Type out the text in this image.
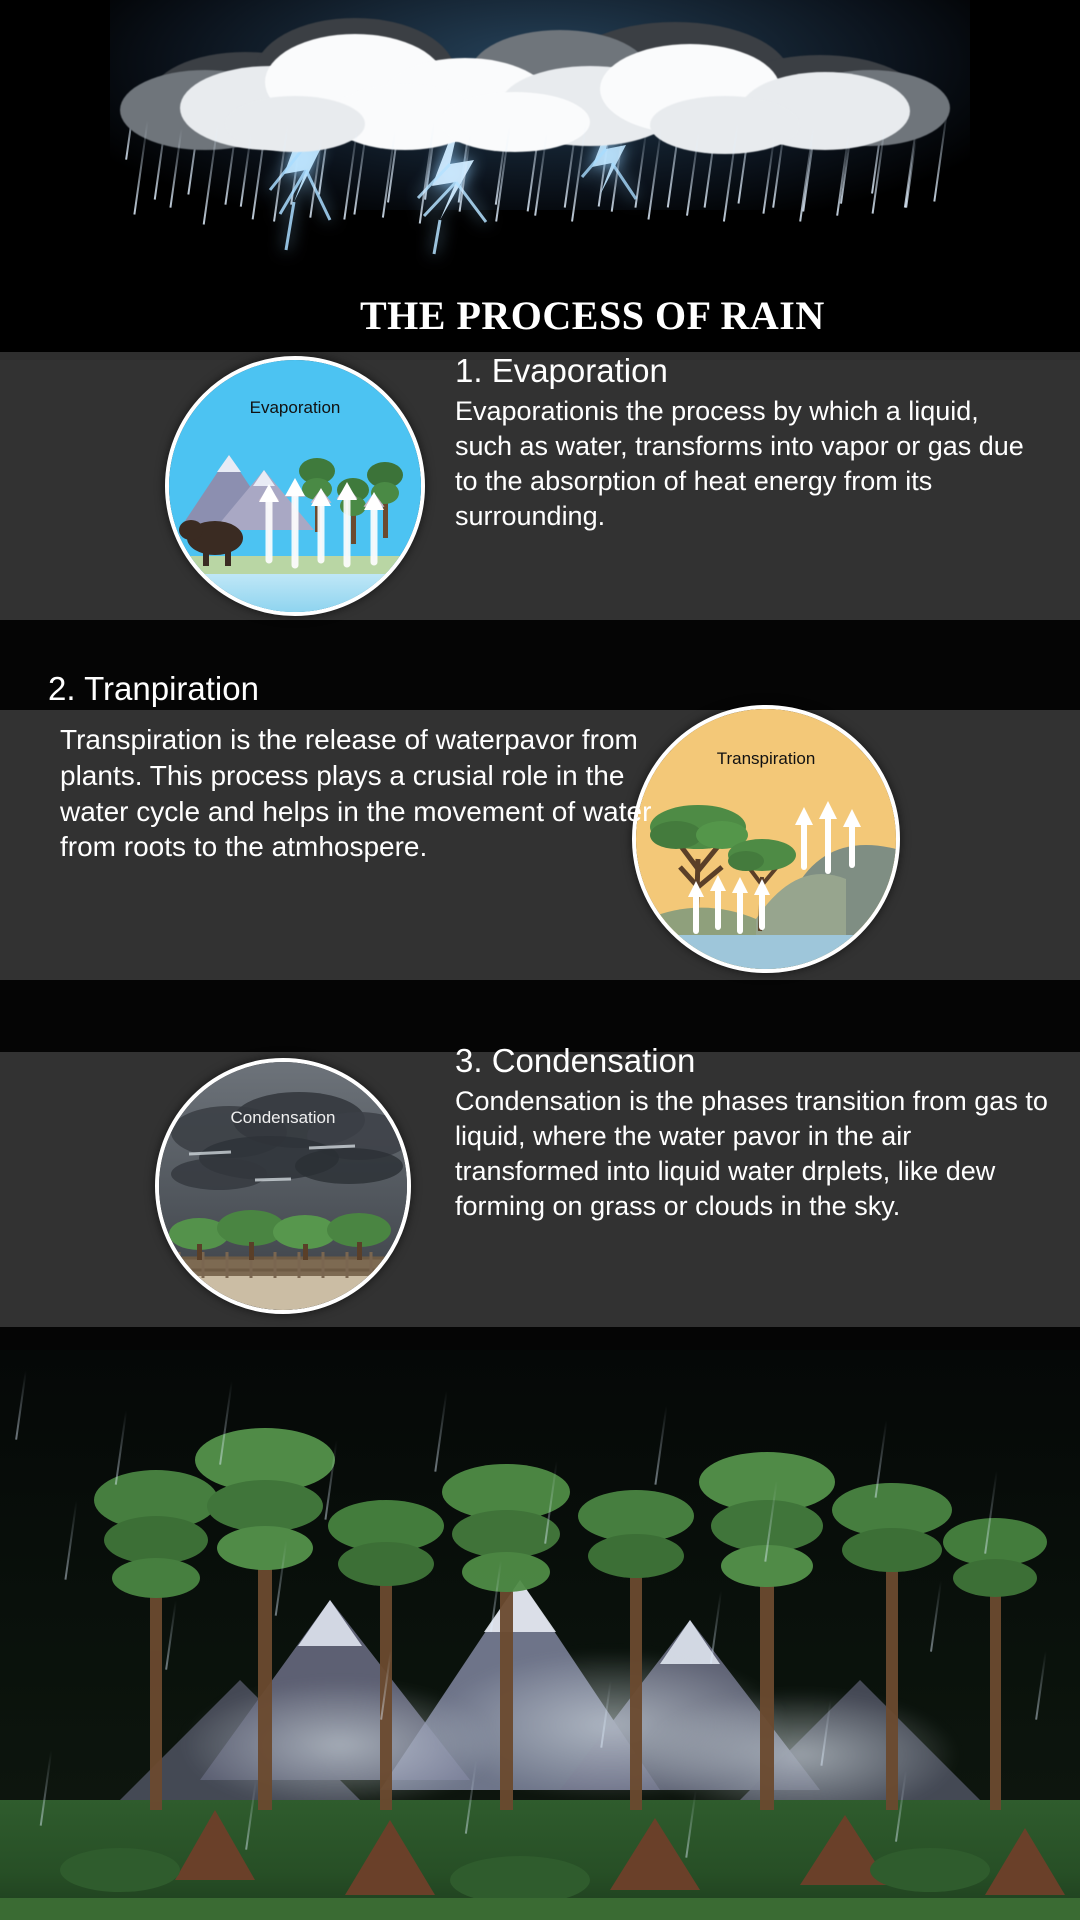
THE PROCESS OF RAIN
Evaporation
1. Evaporation

Evaporationis the process by which a liquid, such as water, transforms into vapor or gas due to the absorption of heat energy from its surrounding.

Transpiration
2. Tranpiration

Transpiration is the release of waterpavor from plants. This process plays a crusial role in the water cycle and helps in the movement of water from roots to the atmhospere.

Condensation
3. Condensation

Condensation is the phases transition from gas to liquid, where the water pavor in the air transformed into liquid water drplets, like dew forming on grass or clouds in the sky.
